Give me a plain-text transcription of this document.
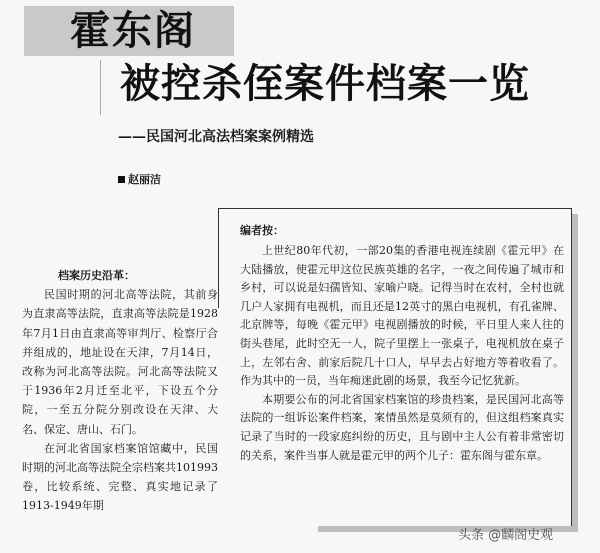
霍东阁
被控杀侄案件档案一览
——民国河北高法档案案例精选
赵丽洁

档案历史沿革：

民国时期的河北高等法院，其前身为直隶高等法院，直隶高等法院是1928年7月1日由直隶高等审判厅、检察厅合并组成的，地址设在天津，7月14日，改称为河北高等法院。河北高等法院又于1936年2月迁至北平，下设五个分院，一至五分院分别改设在天津、大名、保定、唐山、石门。

在河北省国家档案馆馆藏中，民国时期的河北高等法院全宗档案共101993卷，比较系统、完整、真实地记录了1913-1949年期

编者按：

上世纪80年代初，一部20集的香港电视连续剧《霍元甲》在大陆播放，使霍元甲这位民族英雄的名字，一夜之间传遍了城市和乡村，可以说是妇孺皆知、家喻户晓。记得当时在农村，全村也就几户人家拥有电视机，而且还是12英寸的黑白电视机，有孔雀牌、北京牌等，每晚《霍元甲》电视剧播放的时候，平日里人来人往的街头巷尾，此时空无一人，院子里摆上一张桌子，电视机放在桌子上，左邻右舍、前家后院几十口人，早早去占好地方等着收看了。作为其中的一员，当年痴迷此剧的场景，我至今记忆犹新。

本期要公布的河北省国家档案馆的珍贵档案，是民国河北高等法院的一组诉讼案件档案，案情虽然是莫须有的，但这组档案真实记录了当时的一段家庭纠纷的历史，且与剧中主人公有着非常密切的关系，案件当事人就是霍元甲的两个儿子：霍东阁与霍东章。

头条 @麟阁史观
